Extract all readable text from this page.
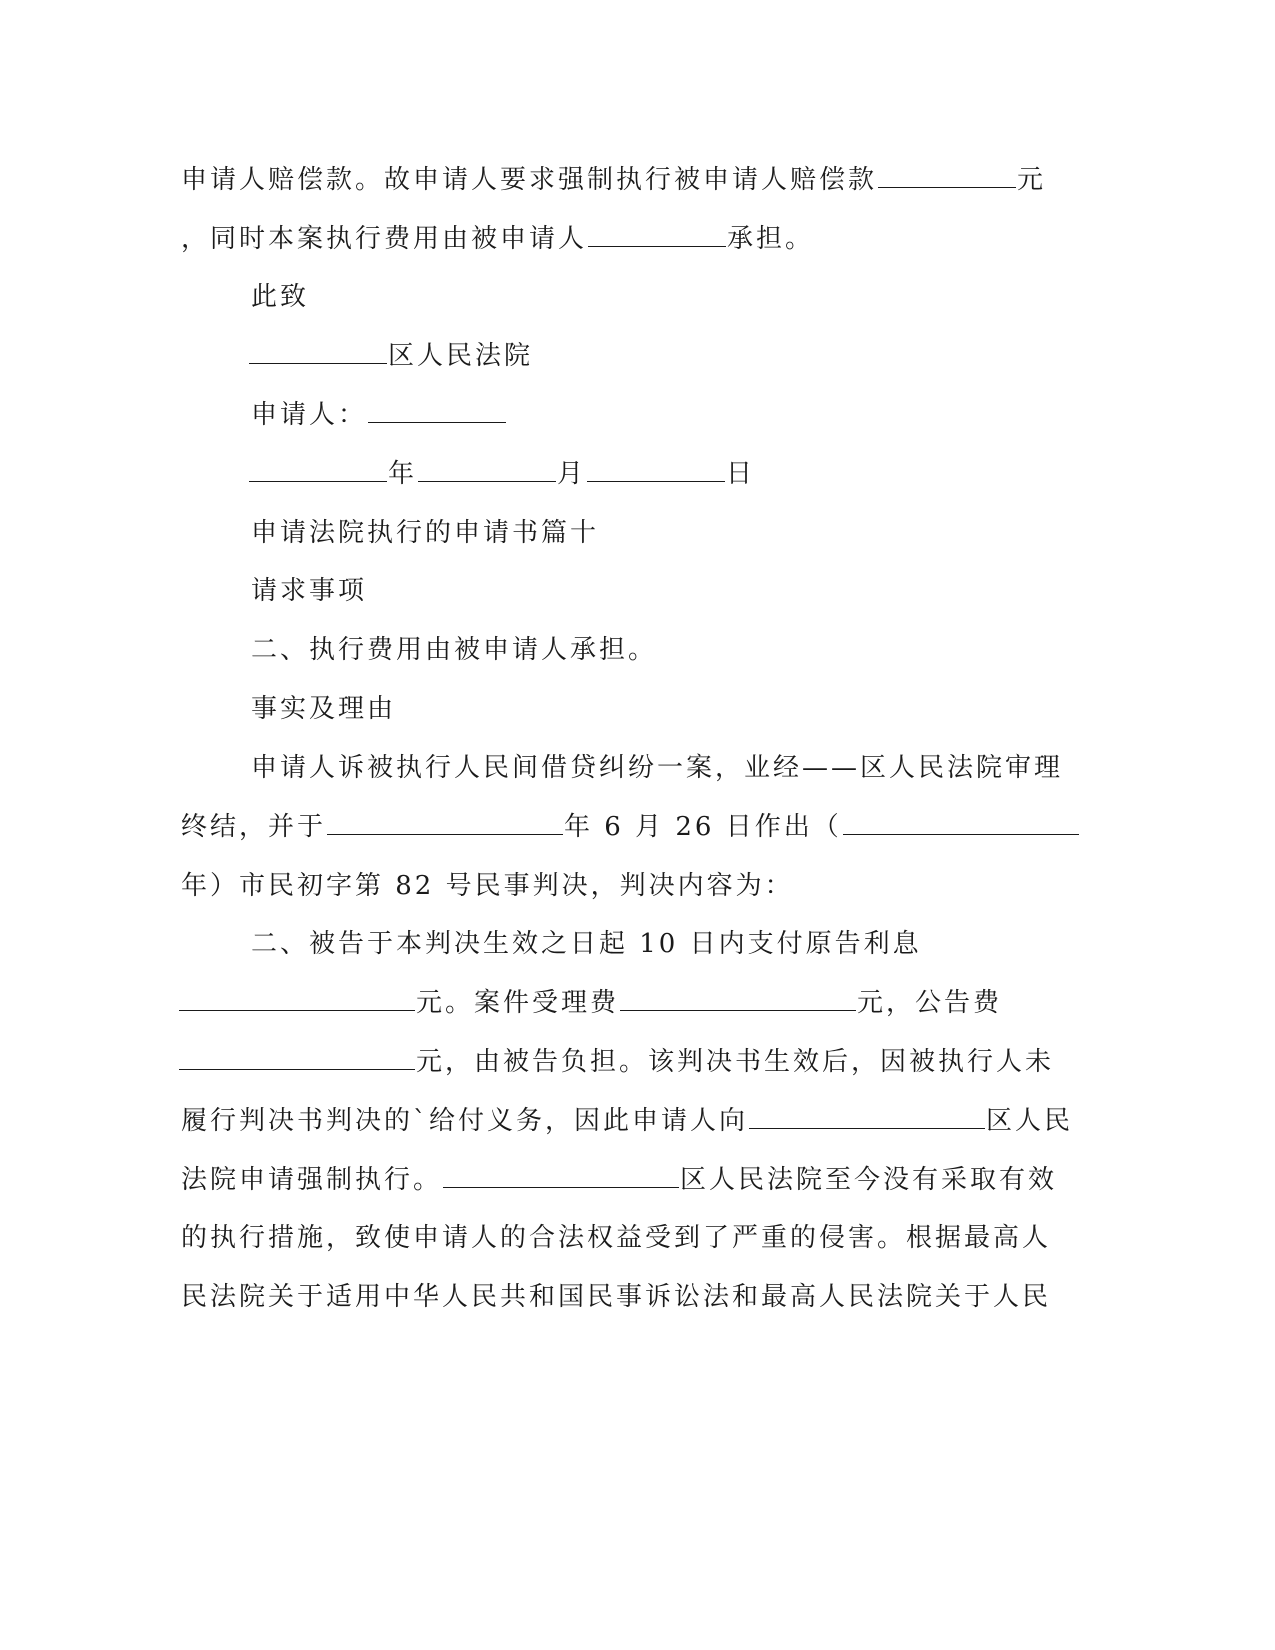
申请人赔偿款。故申请人要求强制执行被申请人赔偿款	元

，同时本案执行费用由被申请人	承担。

此致

区人民法院

申请人：

年	月	日

申请法院执行的申请书篇十

请求事项

二、执行费用由被申请人承担。

事实及理由

申请人诉被执行人民间借贷纠纷一案，业经——区人民法院审理

终结，并于	年 6 月 26 日作出（

年）市民初字第 82 号民事判决，判决内容为：

二、被告于本判决生效之日起 10 日内支付原告利息

元。案件受理费	元，公告费

元，由被告负担。该判决书生效后，因被执行人未

履行判决书判决的`给付义务，因此申请人向	区人民

法院申请强制执行。	区人民法院至今没有采取有效

的执行措施，致使申请人的合法权益受到了严重的侵害。根据最高人

民法院关于适用中华人民共和国民事诉讼法和最高人民法院关于人民
